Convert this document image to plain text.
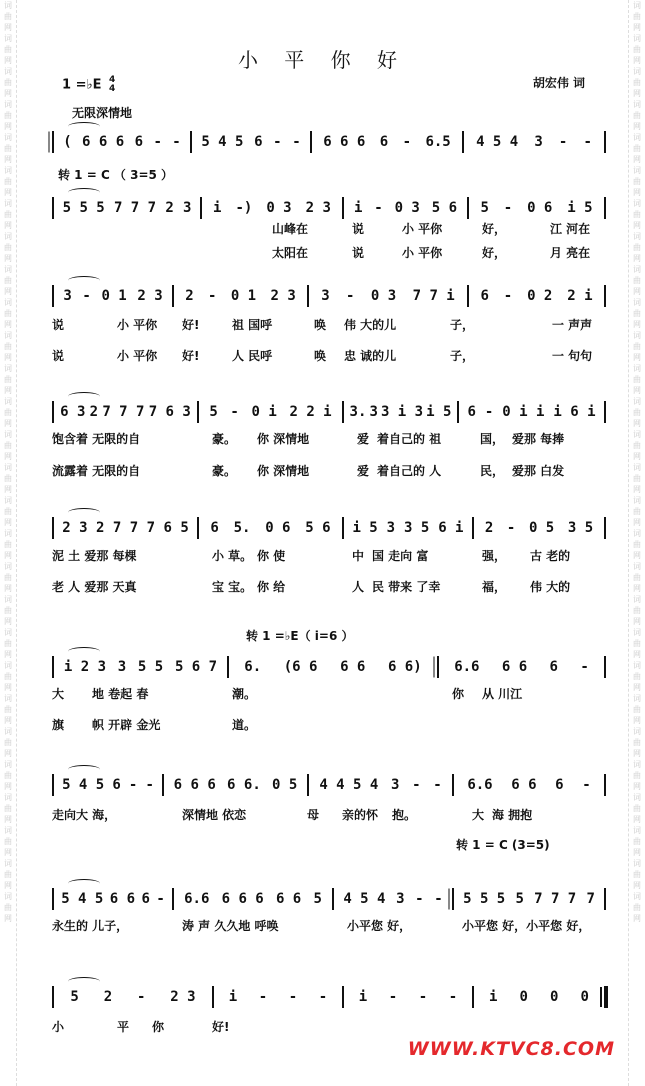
词曲网词曲网词曲网词曲网词曲网词曲网词曲网词曲网词曲网词曲网词曲网词曲网词曲网词曲网词曲网词曲网词曲网词曲网词曲网词曲网词曲网词曲网词曲网词曲网词曲网词曲网词曲网词曲网
词曲网词曲网词曲网词曲网词曲网词曲网词曲网词曲网词曲网词曲网词曲网词曲网词曲网词曲网词曲网词曲网词曲网词曲网词曲网词曲网词曲网词曲网词曲网词曲网词曲网词曲网词曲网词曲网
小 平 你 好
1 =♭E 4
4	胡宏伟 词
无限深情地
转 1 = C （ 3=5 ）
转 1 =♭E（ i=6 ）
转 1 = C (3=5)
( 6 6 6 6 - - 5 4 5 6 - - 6 6 6 6 - 6.5 4 5 4 3 - -
5 5 5 7 7 7 2 3 i -) 0 3 2 3 i - 0 3 5 6 5 - 0 6 i 5
3 - 0 1 2 3 2 - 0 1 2 3 3 - 0 3 7 7 i 6 - 0 2 2 i
6 3 2 7 7 7 7 6 3 5 - 0 i 2 2 i 3. 3 3 i 3 i 5 6 - 0 i i i 6 i
2 3 2 7 7 7 6 5 6 5. 0 6 5 6 i 5 3 3 5 6 i 2 - 0 5 3 5
i 2 3 3 5 5 5 6 7 6. (6 6 6 6 6 6) 6.6 6 6 6 -
5 4 5 6 - - 6 6 6 6 6. 0 5 4 4 5 4 3 - - 6.6 6 6 6 -
5 4 5 6 6 6 - 6.6 6 6 6 6 6 5 4 5 4 3 - - 5 5 5 5 7 7 7 7
5 2 - 2 3 i - - - i - - - i 0 0 0
山峰在	说	小 平你	好，	江 河在
太阳在	说	小 平你	好，	月 亮在
说	小 平你 好!	祖 国呼	唤 伟 大的儿	子，	一 声声
说	小 平你 好!	人 民呼	唤 忠 诚的儿	子，	一 句句
饱含着 无限的自	豪。 你 深情地	爱 着自己的 祖	国， 爱那 每捧
流露着 无限的自	豪。 你 深情地	爱 着自己的 人	民， 爱那 白发
泥 土 爱那 每棵	小 草。 你 使	中 国 走向 富	强， 古 老的
老 人 爱那 天真	宝 宝。 你 给	人 民 带来 了幸	福， 伟 大的
大 地 卷起 春	潮。	你 从 川江
旗 帜 开辟 金光	道。
走向大 海，	深情地 依恋	母 亲的怀 抱。	大 海 拥抱
永生的 儿子，	涛 声 久久地 呼唤	小平您 好，	小平您 好，小平您 好，
小	平 你	好!
WWW.KTVC8.COM
